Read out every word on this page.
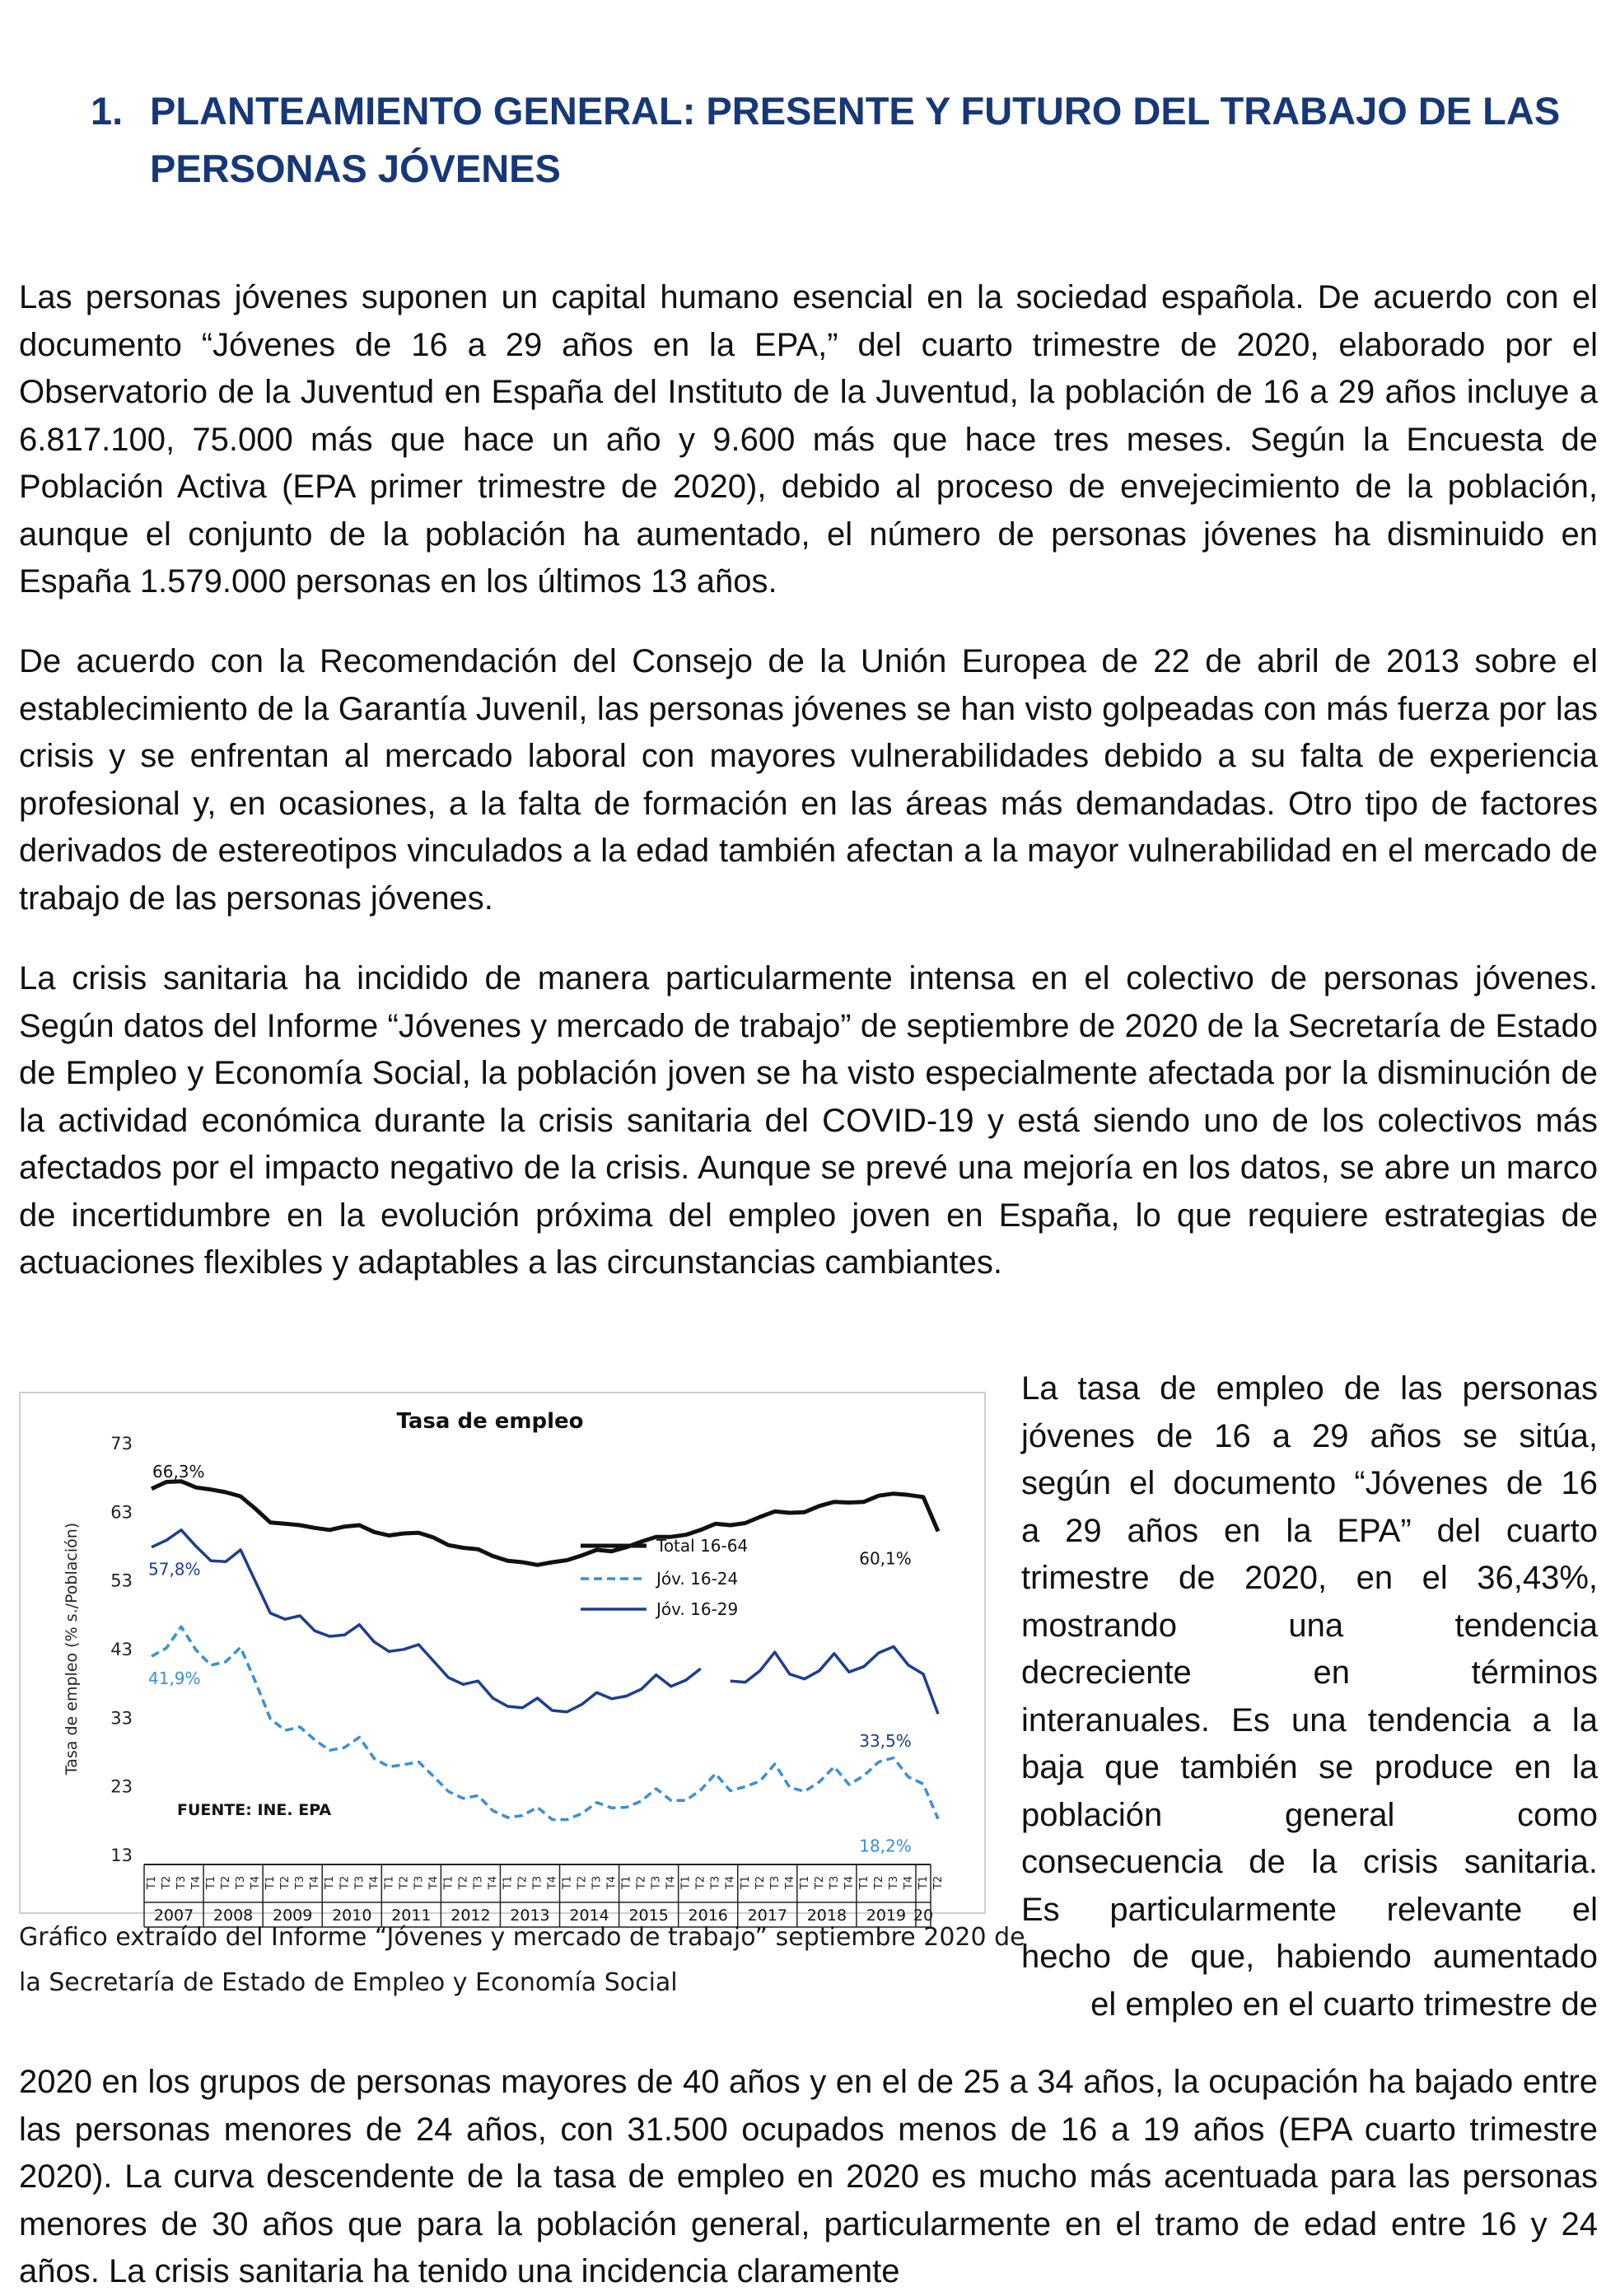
1. PLANTEAMIENTO GENERAL: PRESENTE Y FUTURO DEL TRABAJO DE LAS PERSONAS JÓVENES
Las personas jóvenes suponen un capital humano esencial en la sociedad española. De acuerdo con el documento “Jóvenes de 16 a 29 años en la EPA,” del cuarto trimestre de 2020, elaborado por el Observatorio de la Juventud en España del Instituto de la Juventud, la población de 16 a 29 años incluye a 6.817.100, 75.000 más que hace un año y 9.600 más que hace tres meses. Según la Encuesta de Población Activa (EPA primer trimestre de 2020), debido al proceso de envejecimiento de la población, aunque el conjunto de la población ha aumentado, el número de personas jóvenes ha disminuido en España 1.579.000 personas en los últimos 13 años.
De acuerdo con la Recomendación del Consejo de la Unión Europea de 22 de abril de 2013 sobre el establecimiento de la Garantía Juvenil, las personas jóvenes se han visto golpeadas con más fuerza por las crisis y se enfrentan al mercado laboral con mayores vulnerabilidades debido a su falta de experiencia profesional y, en ocasiones, a la falta de formación en las áreas más demandadas. Otro tipo de factores derivados de estereotipos vinculados a la edad también afectan a la mayor vulnerabilidad en el mercado de trabajo de las personas jóvenes.
La crisis sanitaria ha incidido de manera particularmente intensa en el colectivo de personas jóvenes. Según datos del Informe “Jóvenes y mercado de trabajo” de septiembre de 2020 de la Secretaría de Estado de Empleo y Economía Social, la población joven se ha visto especialmente afectada por la disminución de la actividad económica durante la crisis sanitaria del COVID-19 y está siendo uno de los colectivos más afectados por el impacto negativo de la crisis. Aunque se prevé una mejoría en los datos, se abre un marco de incertidumbre en la evolución próxima del empleo joven en España, lo que requiere estrategias de actuaciones flexibles y adaptables a las circunstancias cambiantes.
Tasa de empleo
13
23
33
43
53
63
73
Tasa de empleo (% s./Población)
T1 T2 T3 T4 T1 T2 T3 T4 T1 T2 T3 T4 T1 T2 T3 T4 T1 T2 T3 T4 T1 T2 T3 T4 T1 T2 T3 T4 T1 T2 T3 T4 T1 T2 T3 T4 T1 T2 T3 T4 T1 T2 T3 T4 T1 T2 T3 T4 T1 T2 T3 T4 T1 T2
2007 2008 2009 2010 2011 2012 2013 2014 2015 2016 2017 2018 2019 20
66,3%
60,1%
41,9%
18,2%
57,8%
33,5%
Total 16-64
Jóv. 16-24
Jóv. 16-29
FUENTE: INE. EPA
Gráfico extraído del Informe “Jóvenes y mercado de trabajo” septiembre 2020 de
la Secretaría de Estado de Empleo y Economía Social
La tasa de empleo de las personas
jóvenes de 16 a 29 años se sitúa,
según el documento “Jóvenes de 16
a 29 años en la EPA” del cuarto
trimestre de 2020, en el 36,43%,
mostrando una tendencia
decreciente en términos
interanuales. Es una tendencia a la
baja que también se produce en la
población general como
consecuencia de la crisis sanitaria.
Es particularmente relevante el
hecho de que, habiendo aumentado
el empleo en el cuarto trimestre de
2020 en los grupos de personas mayores de 40 años y en el de 25 a 34 años, la ocupación ha bajado entre las personas menores de 24 años, con 31.500 ocupados menos de 16 a 19 años (EPA cuarto trimestre 2020). La curva descendente de la tasa de empleo en 2020 es mucho más acentuada para las personas menores de 30 años que para la población general, particularmente en el tramo de edad entre 16 y 24 años. La crisis sanitaria ha tenido una incidencia claramente
